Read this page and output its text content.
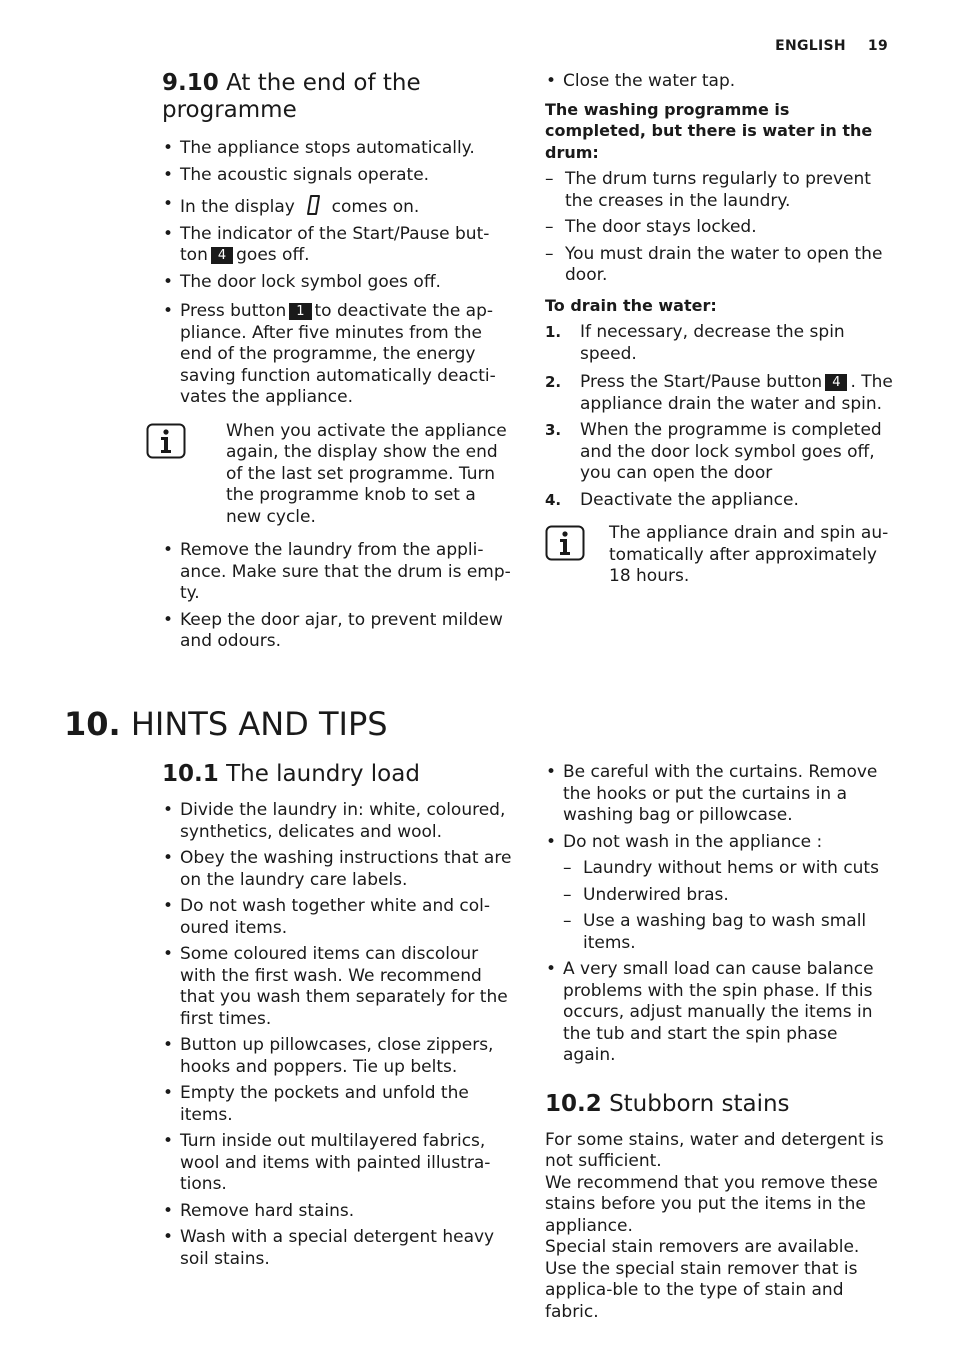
ENGLISH 19
9.10 At the end of the programme
• The appliance stops automatically.
• The acoustic signals operate.
• In the display comes on.
• The indicator of the Start/Pause but-ton 4 goes off.
• The door lock symbol goes off.
• Press button 1 to deactivate the ap-pliance. After five minutes from the end of the programme, the energy saving function automatically deacti-vates the appliance.
When you activate the appliance again, the display show the end of the last set programme. Turn the programme knob to set a new cycle.
• Remove the laundry from the appli-ance. Make sure that the drum is emp-ty.
• Keep the door ajar, to prevent mildew and odours.
• Close the water tap.

The washing programme is completed, but there is water in the drum:

– The drum turns regularly to prevent the creases in the laundry.
– The door stays locked.
– You must drain the water to open the door.

To drain the water:

1. If necessary, decrease the spin speed.
2. Press the Start/Pause button 4 . The appliance drain the water and spin.
3. When the programme is completed and the door lock symbol goes off, you can open the door
4. Deactivate the appliance.
The appliance drain and spin au-tomatically after approximately 18 hours.
10. HINTS AND TIPS
10.1 The laundry load
• Divide the laundry in: white, coloured, synthetics, delicates and wool.
• Obey the washing instructions that are on the laundry care labels.
• Do not wash together white and col-oured items.
• Some coloured items can discolour with the first wash. We recommend that you wash them separately for the first times.
• Button up pillowcases, close zippers, hooks and poppers. Tie up belts.
• Empty the pockets and unfold the items.
• Turn inside out multilayered fabrics, wool and items with painted illustra-tions.
• Remove hard stains.
• Wash with a special detergent heavy soil stains.
• Be careful with the curtains. Remove the hooks or put the curtains in a washing bag or pillowcase.
• Do not wash in the appliance :
– Laundry without hems or with cuts
– Underwired bras.
– Use a washing bag to wash small items.
• A very small load can cause balance problems with the spin phase. If this occurs, adjust manually the items in the tub and start the spin phase again.
10.2 Stubborn stains

For some stains, water and detergent is not sufficient.

We recommend that you remove these stains before you put the items in the appliance.

Special stain removers are available. Use the special stain remover that is applica-ble to the type of stain and fabric.
